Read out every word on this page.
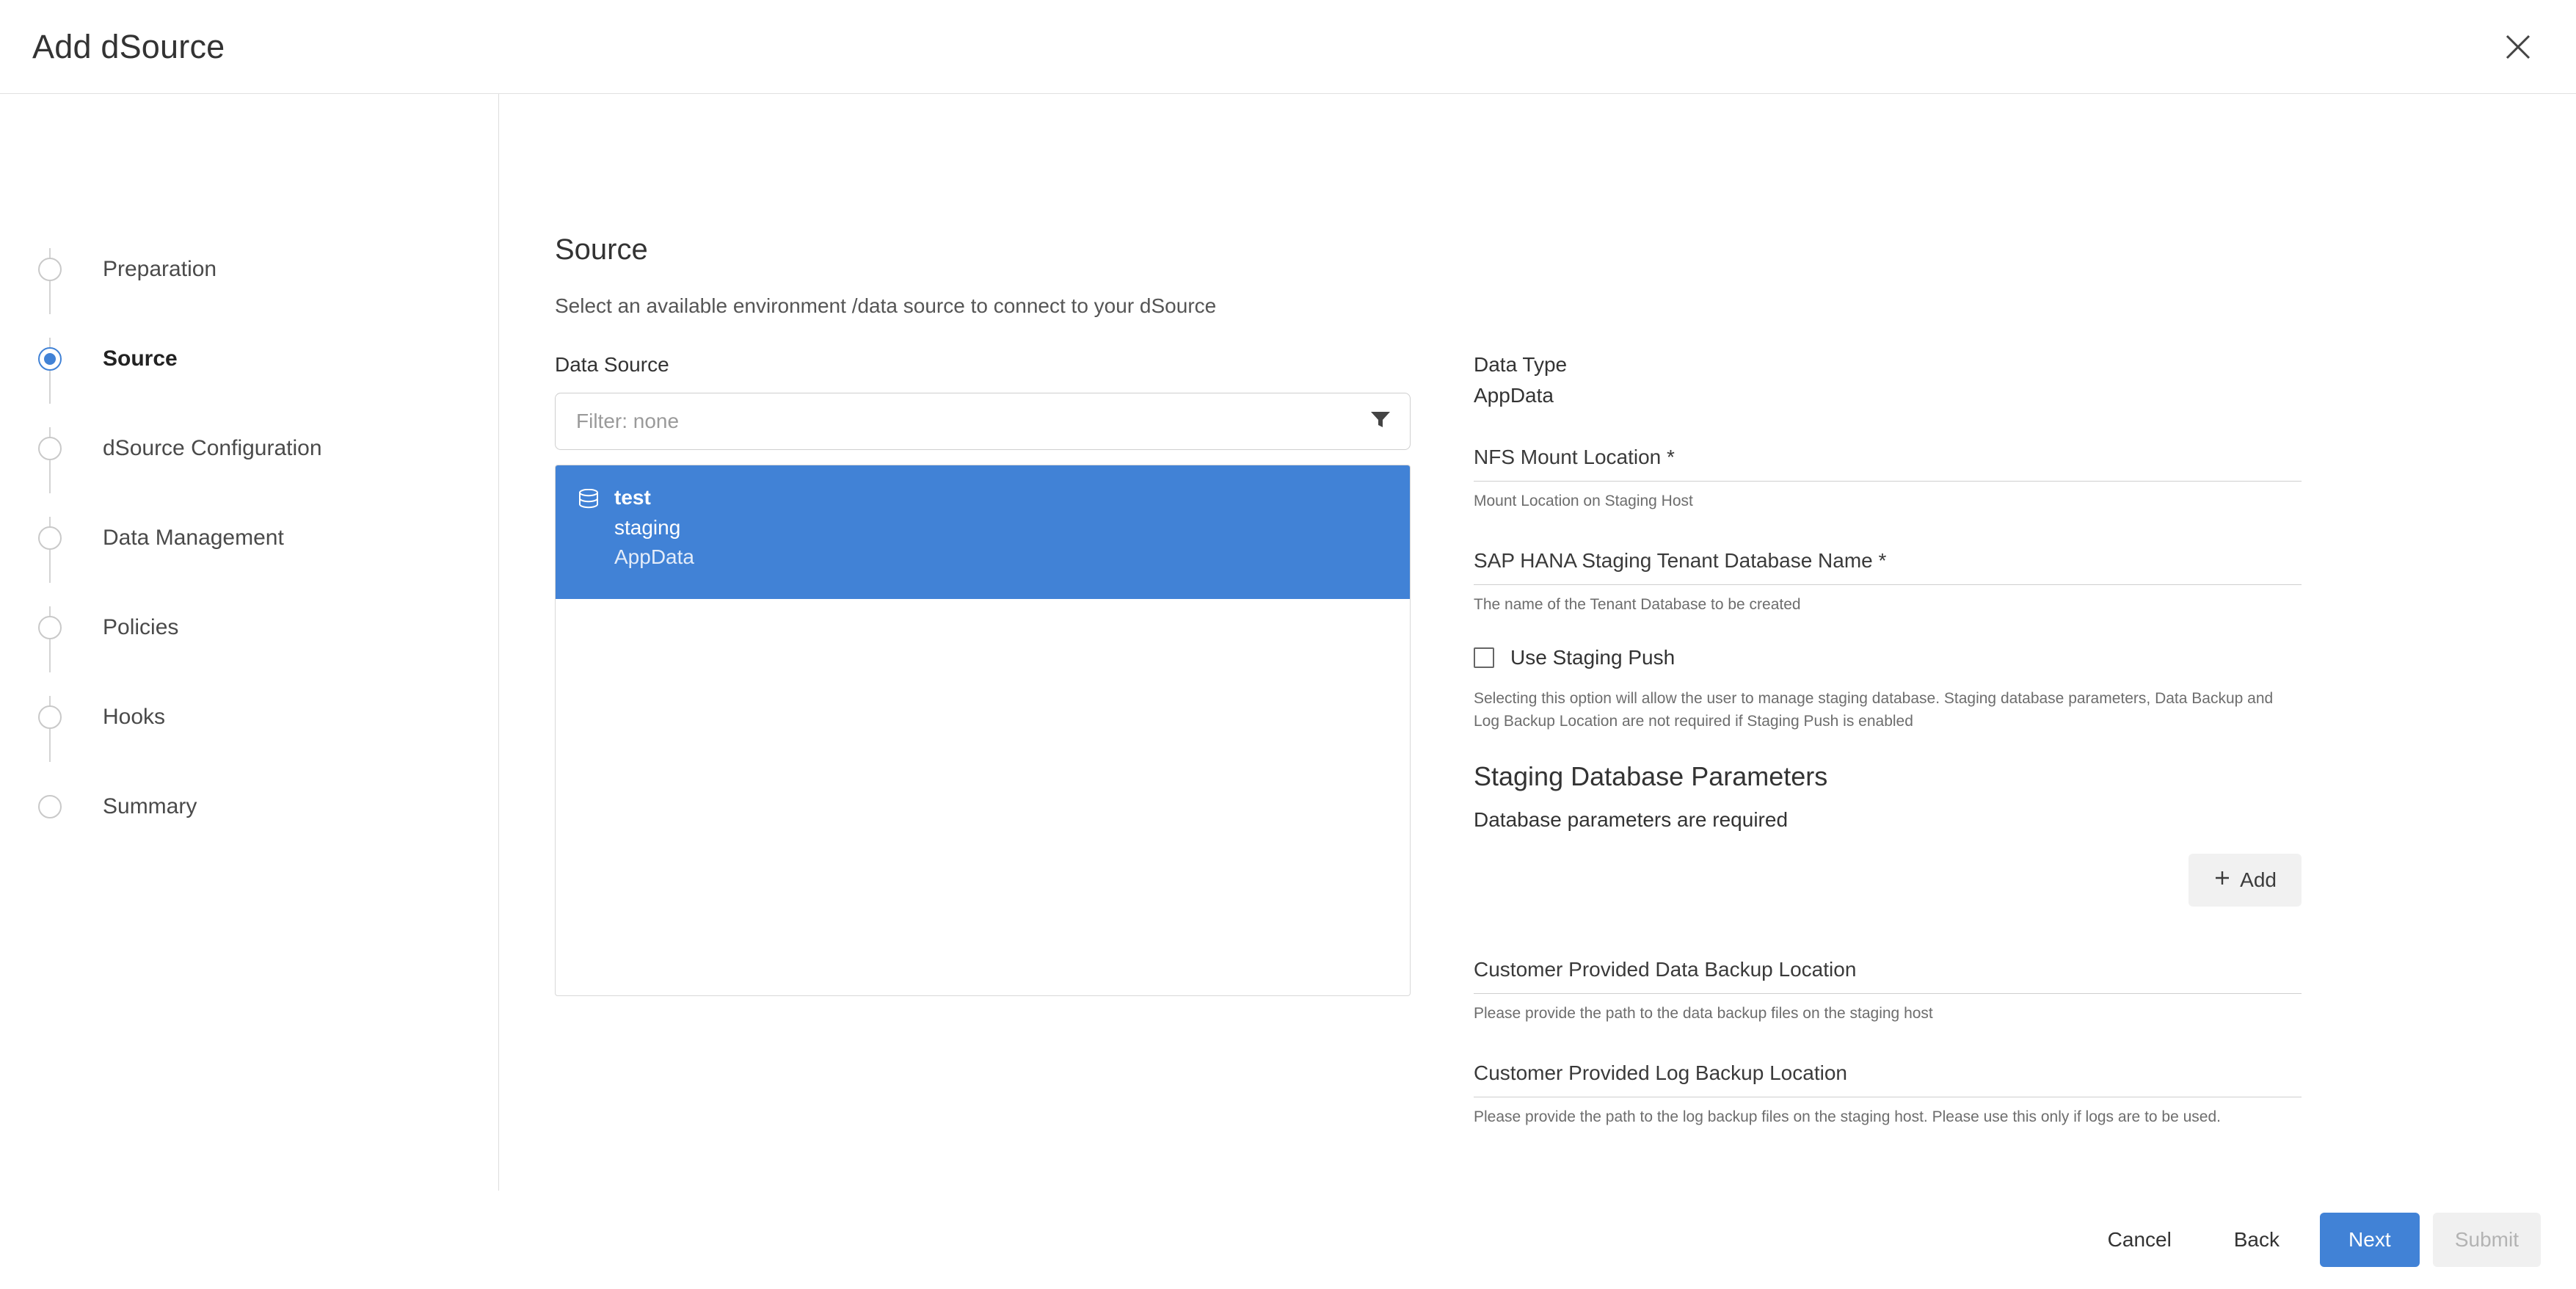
Add dSource
Preparation
Source
dSource Configuration
Data Management
Policies
Hooks
Summary
Source
Select an available environment /data source to connect to your dSource
Data Source
Filter: none
test
staging
AppData
Data Type
AppData
NFS Mount Location *
Mount Location on Staging Host
SAP HANA Staging Tenant Database Name *
The name of the Tenant Database to be created
Use Staging Push
Selecting this option will allow the user to manage staging database. Staging database parameters, Data Backup and Log Backup Location are not required if Staging Push is enabled
Staging Database Parameters
Database parameters are required
Add
Customer Provided Data Backup Location
Please provide the path to the data backup files on the staging host
Customer Provided Log Backup Location
Please provide the path to the log backup files on the staging host. Please use this only if logs are to be used.
Cancel	Back	Next	Submit
